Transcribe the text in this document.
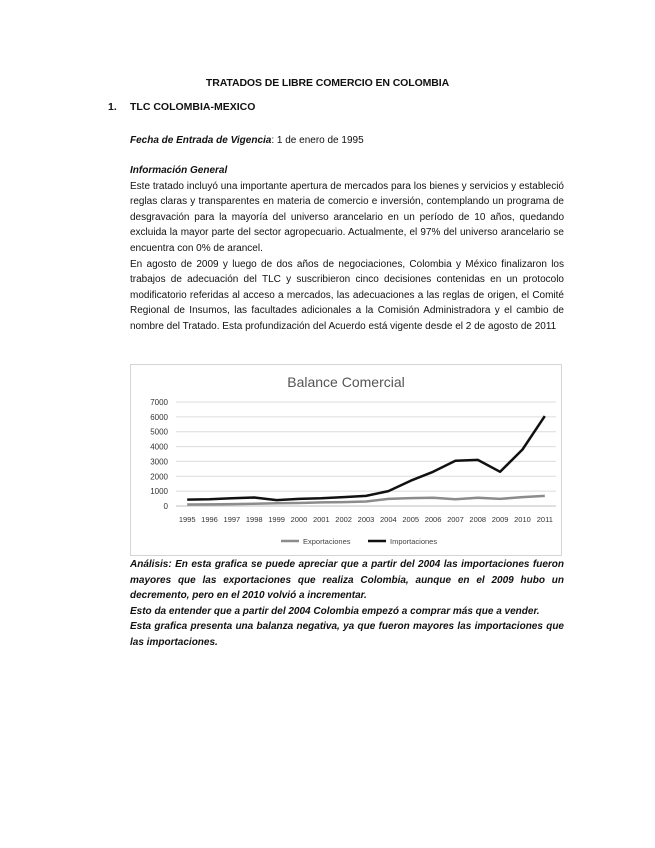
TRATADOS DE LIBRE COMERCIO EN COLOMBIA
1. TLC COLOMBIA-MEXICO
Fecha de Entrada de Vigencia: 1 de enero de 1995
Información General

Este tratado incluyó una importante apertura de mercados para los bienes y servicios y estableció reglas claras y transparentes en materia de comercio e inversión, contemplando un programa de desgravación para la mayoría del universo arancelario en un período de 10 años, quedando excluida la mayor parte del sector agropecuario. Actualmente, el 97% del universo arancelario se encuentra con 0% de arancel.

En agosto de 2009 y luego de dos años de negociaciones, Colombia y México finalizaron los trabajos de adecuación del TLC y suscribieron cinco decisiones contenidas en un protocolo modificatorio referidas al acceso a mercados, las adecuaciones a las reglas de origen, el Comité Regional de Insumos, las facultades adicionales a la Comisión Administradora y el cambio de nombre del Tratado. Esta profundización del Acuerdo está vigente desde el 2 de agosto de 2011

Balance Comercial
0
1000
2000
3000
4000
5000
6000
7000
1995 1996 1997 1998 1999 2000 2001 2002 2003 2004 2005 2006 2007 2008 2009 2010 2011
Exportaciones	Importaciones

Análisis: En esta grafica se puede apreciar que a partir del 2004 las importaciones fueron mayores que las exportaciones que realiza Colombia, aunque en el 2009 hubo un decremento, pero en el 2010 volvió a incrementar.

Esto da entender que a partir del 2004 Colombia empezó a comprar más que a vender.

Esta grafica presenta una balanza negativa, ya que fueron mayores las importaciones que las importaciones.
